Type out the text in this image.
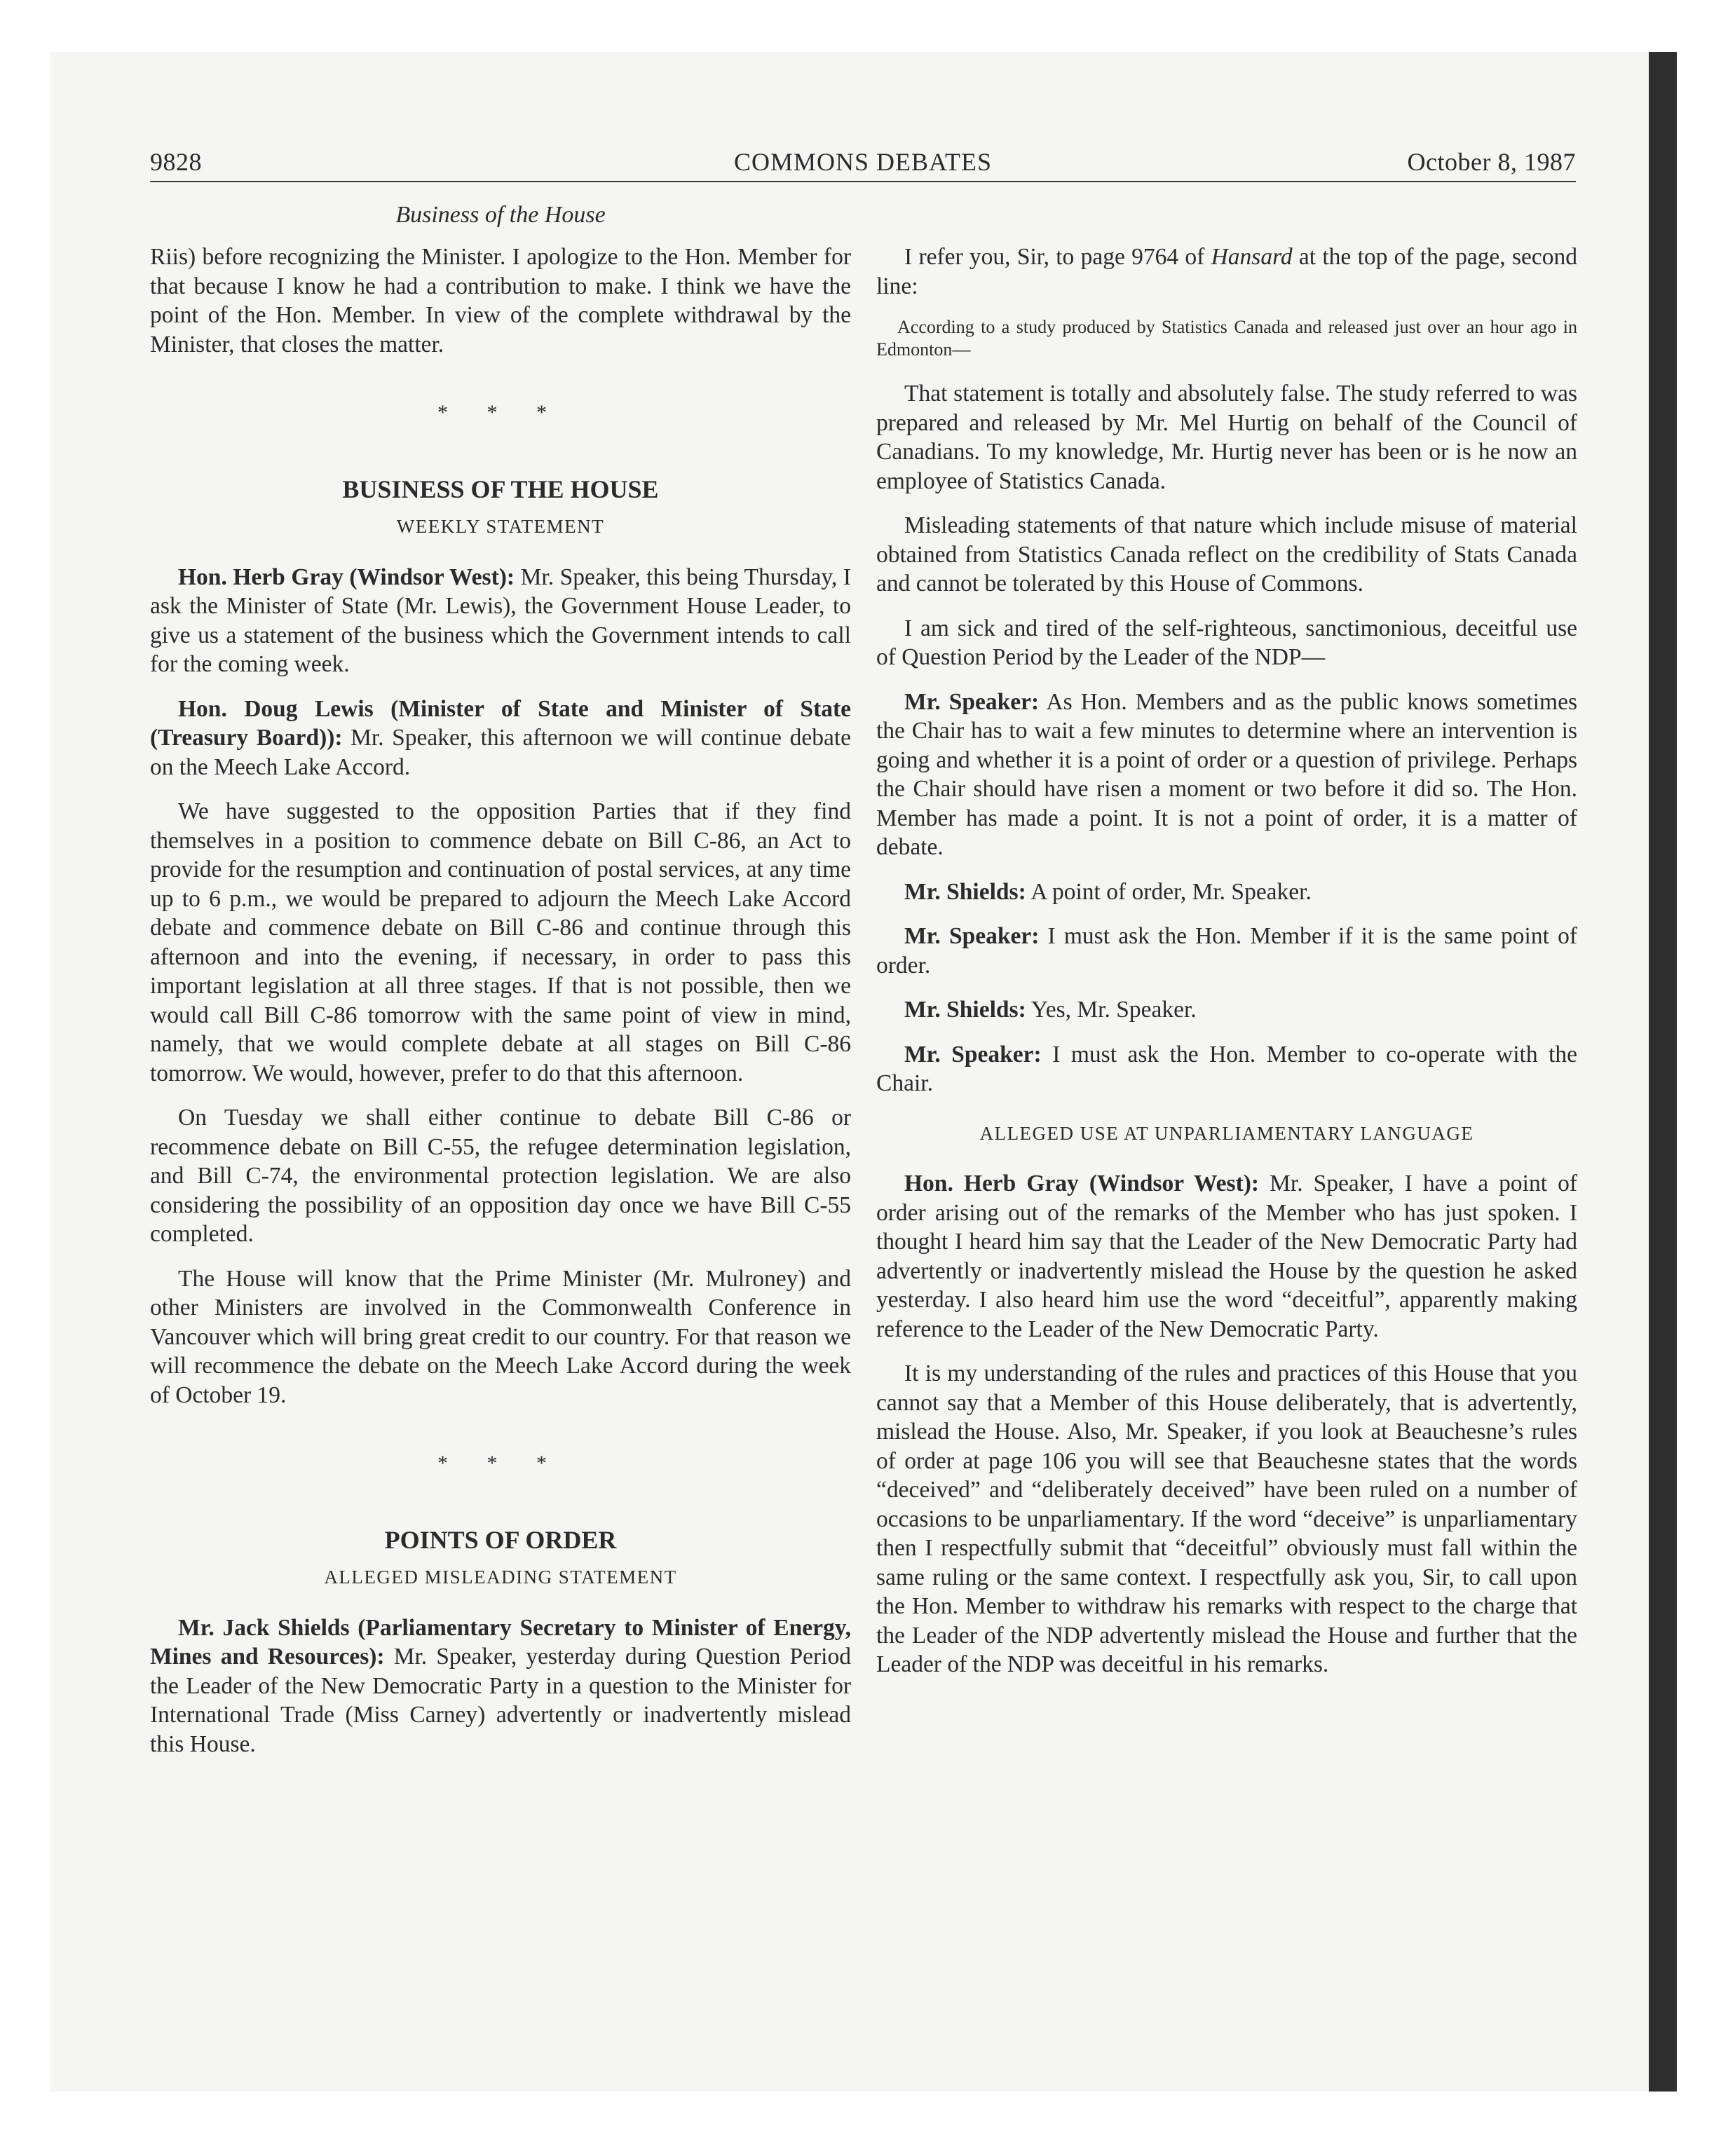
9828	COMMONS DEBATES	October 8, 1987
Business of the House

Riis) before recognizing the Minister. I apologize to the Hon. Member for that because I know he had a contribution to make. I think we have the point of the Hon. Member. In view of the complete withdrawal by the Minister, that closes the matter.

* * *
BUSINESS OF THE HOUSE
WEEKLY STATEMENT

Hon. Herb Gray (Windsor West): Mr. Speaker, this being Thursday, I ask the Minister of State (Mr. Lewis), the Government House Leader, to give us a statement of the business which the Government intends to call for the coming week.

Hon. Doug Lewis (Minister of State and Minister of State (Treasury Board)): Mr. Speaker, this afternoon we will continue debate on the Meech Lake Accord.

We have suggested to the opposition Parties that if they find themselves in a position to commence debate on Bill C-86, an Act to provide for the resumption and continuation of postal services, at any time up to 6 p.m., we would be prepared to adjourn the Meech Lake Accord debate and commence debate on Bill C-86 and continue through this afternoon and into the evening, if necessary, in order to pass this important legislation at all three stages. If that is not possible, then we would call Bill C-86 tomorrow with the same point of view in mind, namely, that we would complete debate at all stages on Bill C-86 tomorrow. We would, however, prefer to do that this afternoon.

On Tuesday we shall either continue to debate Bill C-86 or recommence debate on Bill C-55, the refugee determination legislation, and Bill C-74, the environmental protection legislation. We are also considering the possibility of an opposition day once we have Bill C-55 completed.

The House will know that the Prime Minister (Mr. Mulroney) and other Ministers are involved in the Commonwealth Conference in Vancouver which will bring great credit to our country. For that reason we will recommence the debate on the Meech Lake Accord during the week of October 19.

* * *
POINTS OF ORDER
ALLEGED MISLEADING STATEMENT

Mr. Jack Shields (Parliamentary Secretary to Minister of Energy, Mines and Resources): Mr. Speaker, yesterday during Question Period the Leader of the New Democratic Party in a question to the Minister for International Trade (Miss Carney) advertently or inadvertently mislead this House.

I refer you, Sir, to page 9764 of Hansard at the top of the page, second line:

According to a study produced by Statistics Canada and released just over an hour ago in Edmonton—

That statement is totally and absolutely false. The study referred to was prepared and released by Mr. Mel Hurtig on behalf of the Council of Canadians. To my knowledge, Mr. Hurtig never has been or is he now an employee of Statistics Canada.

Misleading statements of that nature which include misuse of material obtained from Statistics Canada reflect on the credibility of Stats Canada and cannot be tolerated by this House of Commons.

I am sick and tired of the self-righteous, sanctimonious, deceitful use of Question Period by the Leader of the NDP—

Mr. Speaker: As Hon. Members and as the public knows sometimes the Chair has to wait a few minutes to determine where an intervention is going and whether it is a point of order or a question of privilege. Perhaps the Chair should have risen a moment or two before it did so. The Hon. Member has made a point. It is not a point of order, it is a matter of debate.

Mr. Shields: A point of order, Mr. Speaker.

Mr. Speaker: I must ask the Hon. Member if it is the same point of order.

Mr. Shields: Yes, Mr. Speaker.

Mr. Speaker: I must ask the Hon. Member to co-operate with the Chair.

ALLEGED USE AT UNPARLIAMENTARY LANGUAGE

Hon. Herb Gray (Windsor West): Mr. Speaker, I have a point of order arising out of the remarks of the Member who has just spoken. I thought I heard him say that the Leader of the New Democratic Party had advertently or inadvertently mislead the House by the question he asked yesterday. I also heard him use the word “deceitful”, apparently making reference to the Leader of the New Democratic Party.

It is my understanding of the rules and practices of this House that you cannot say that a Member of this House deliberately, that is advertently, mislead the House. Also, Mr. Speaker, if you look at Beauchesne’s rules of order at page 106 you will see that Beauchesne states that the words “deceived” and “deliberately deceived” have been ruled on a number of occasions to be unparliamentary. If the word “deceive” is unparliamentary then I respectfully submit that “deceitful” obviously must fall within the same ruling or the same context. I respectfully ask you, Sir, to call upon the Hon. Member to withdraw his remarks with respect to the charge that the Leader of the NDP advertently mislead the House and further that the Leader of the NDP was deceitful in his remarks.
